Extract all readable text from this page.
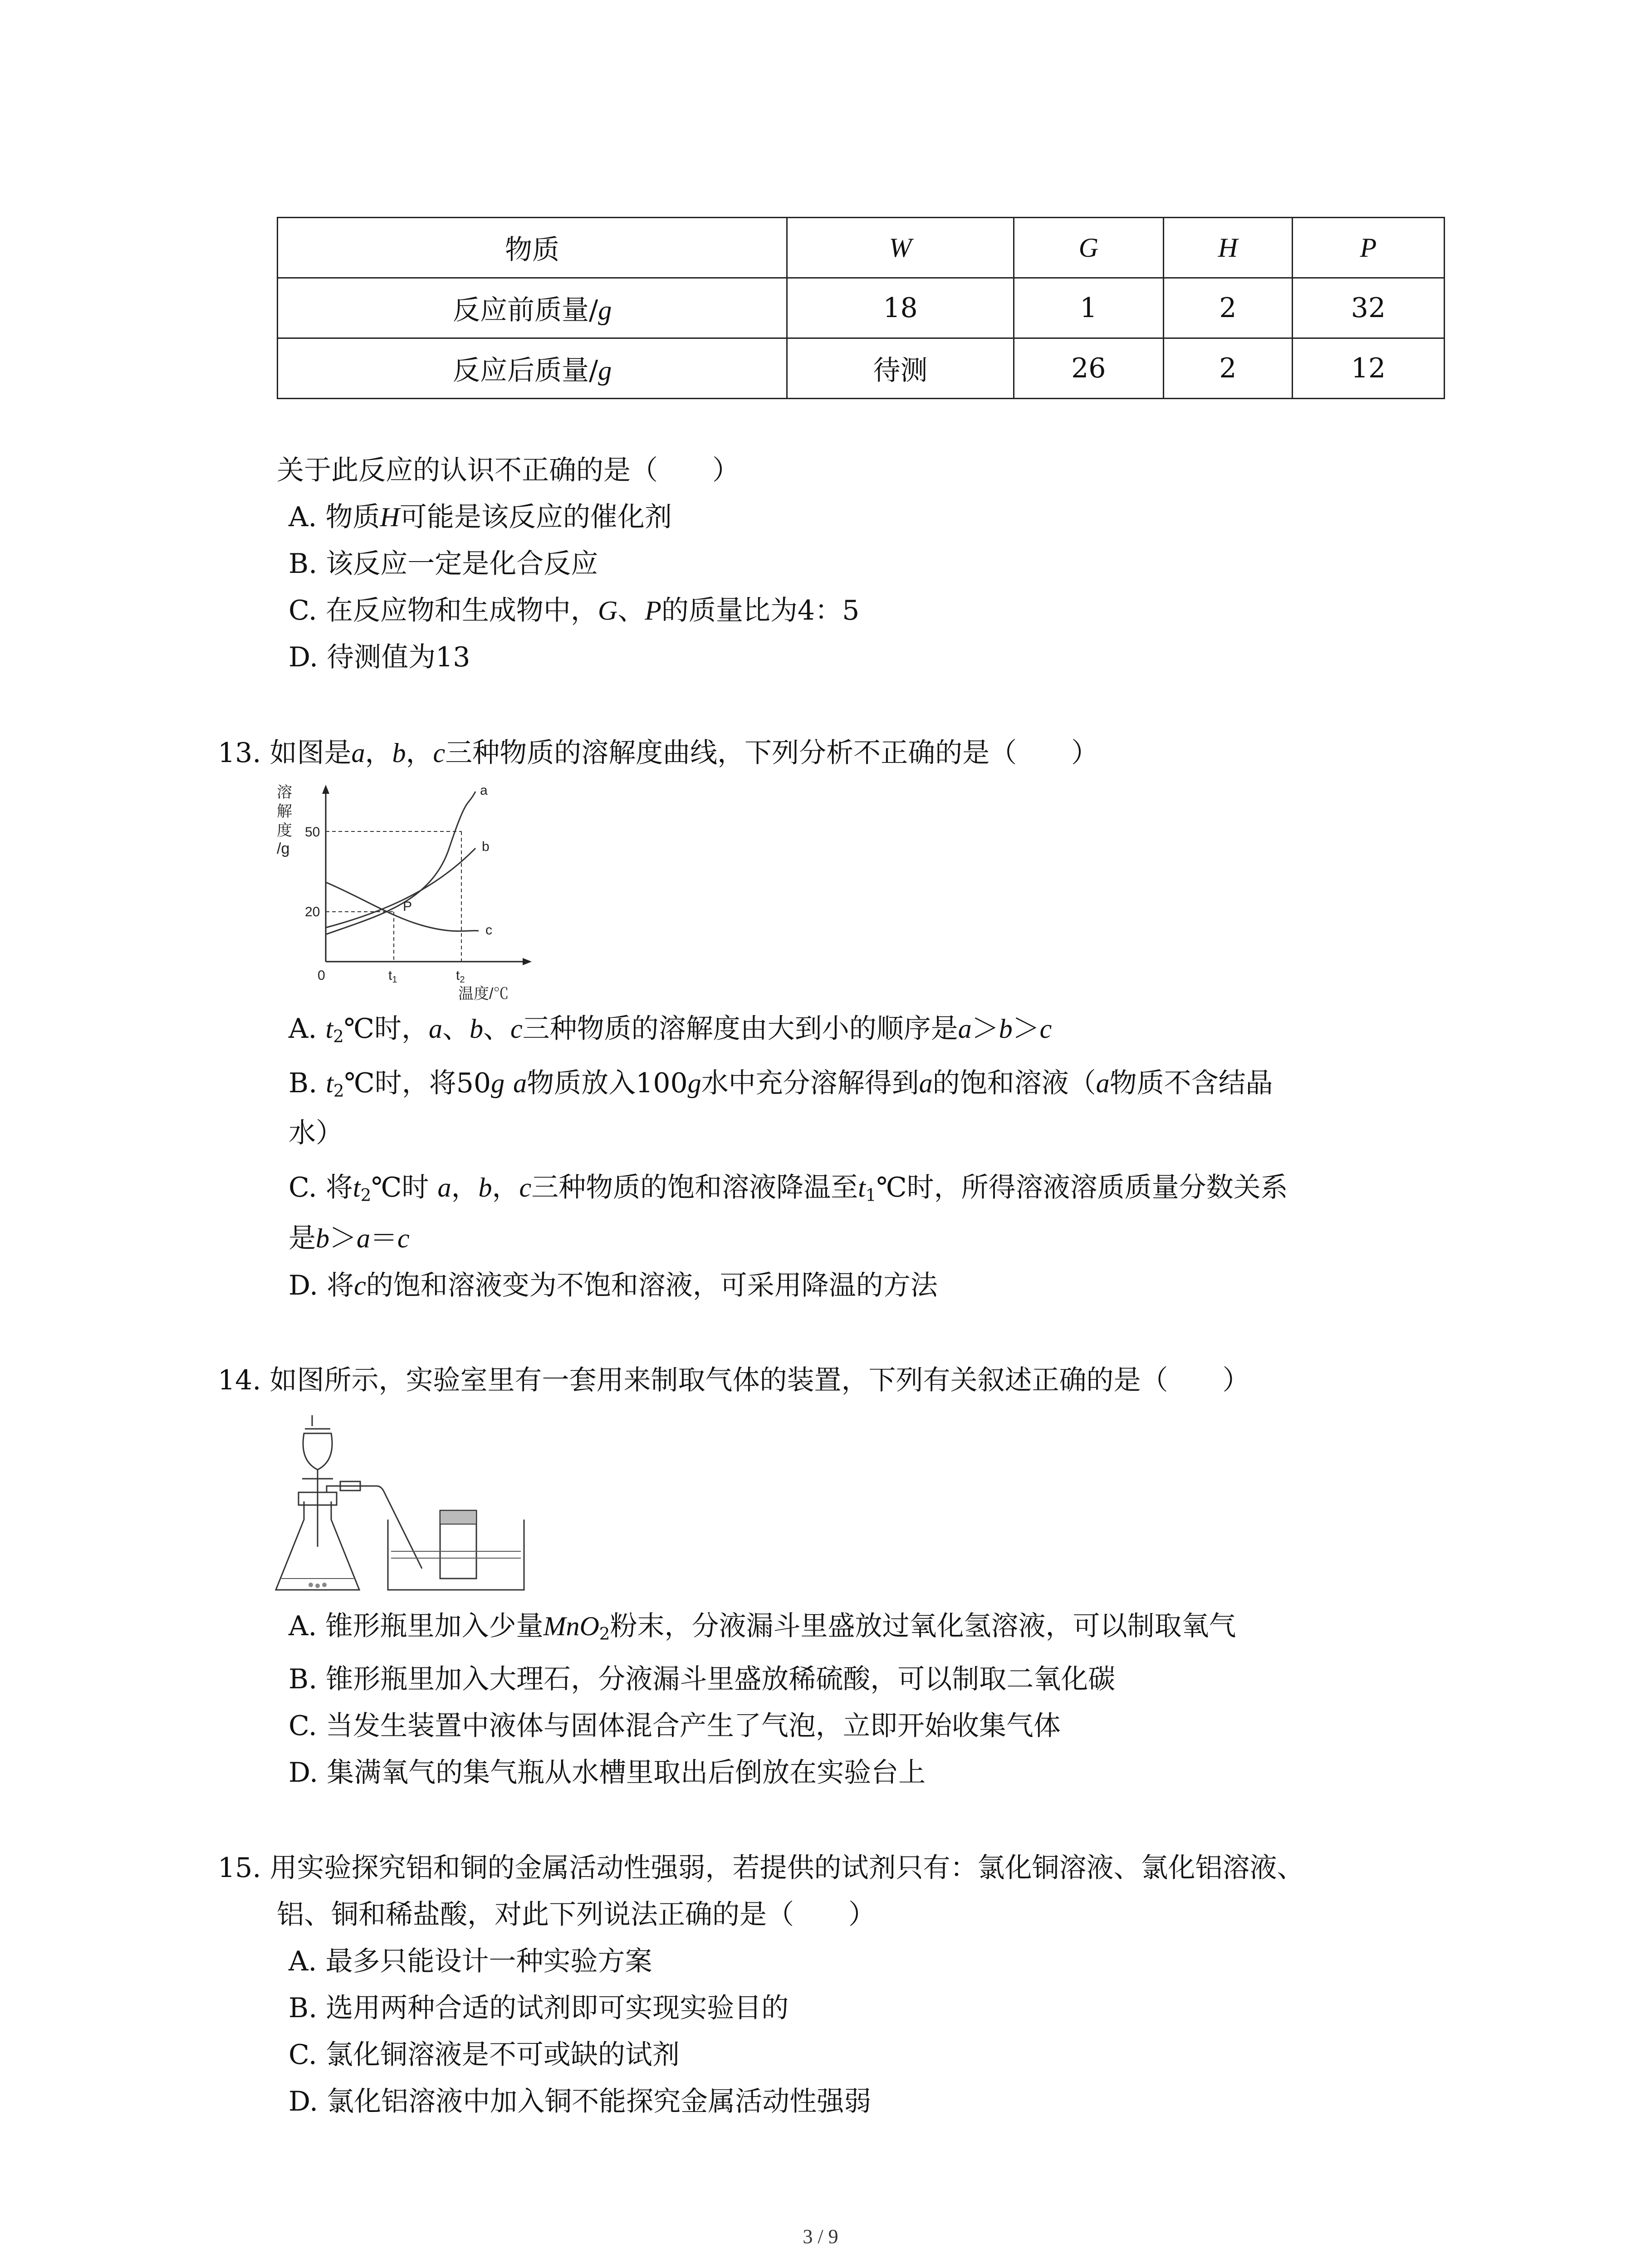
物质	W	G	H	P
反应前质量/g	18	1	2	32
反应后质量/g	待测	26	2	12
关于此反应的认识不正确的是（　　）
A. 物质H可能是该反应的催化剂
B. 该反应一定是化合反应
C. 在反应物和生成物中，G、P的质量比为4：5
D. 待测值为13
13. 如图是a，b，c三种物质的溶解度曲线，下列分析不正确的是（　　）
溶
解
度
/g
a
b
c
P
50
20
0	$t_1$	$t_2$
温度/℃
A. $t_2℃$时，a、b、c三种物质的溶解度由大到小的顺序是a＞b＞c
B. $t_2℃$时，将50g a物质放入100g水中充分溶解得到a的饱和溶液（a物质不含结晶
水）
C. 将$t_2℃$时 a，b，c三种物质的饱和溶液降温至$t_1℃$时，所得溶液溶质质量分数关系
是b＞a＝c
D. 将c的饱和溶液变为不饱和溶液，可采用降温的方法
14. 如图所示，实验室里有一套用来制取气体的装置，下列有关叙述正确的是（　　）
A. 锥形瓶里加入少量MnO$_2$粉末，分液漏斗里盛放过氧化氢溶液，可以制取氧气
B. 锥形瓶里加入大理石，分液漏斗里盛放稀硫酸，可以制取二氧化碳
C. 当发生装置中液体与固体混合产生了气泡，立即开始收集气体
D. 集满氧气的集气瓶从水槽里取出后倒放在实验台上
15. 用实验探究铝和铜的金属活动性强弱，若提供的试剂只有：氯化铜溶液、氯化铝溶液、
铝、铜和稀盐酸，对此下列说法正确的是（　　）
A. 最多只能设计一种实验方案
B. 选用两种合适的试剂即可实现实验目的
C. 氯化铜溶液是不可或缺的试剂
D. 氯化铝溶液中加入铜不能探究金属活动性强弱
3 / 9
